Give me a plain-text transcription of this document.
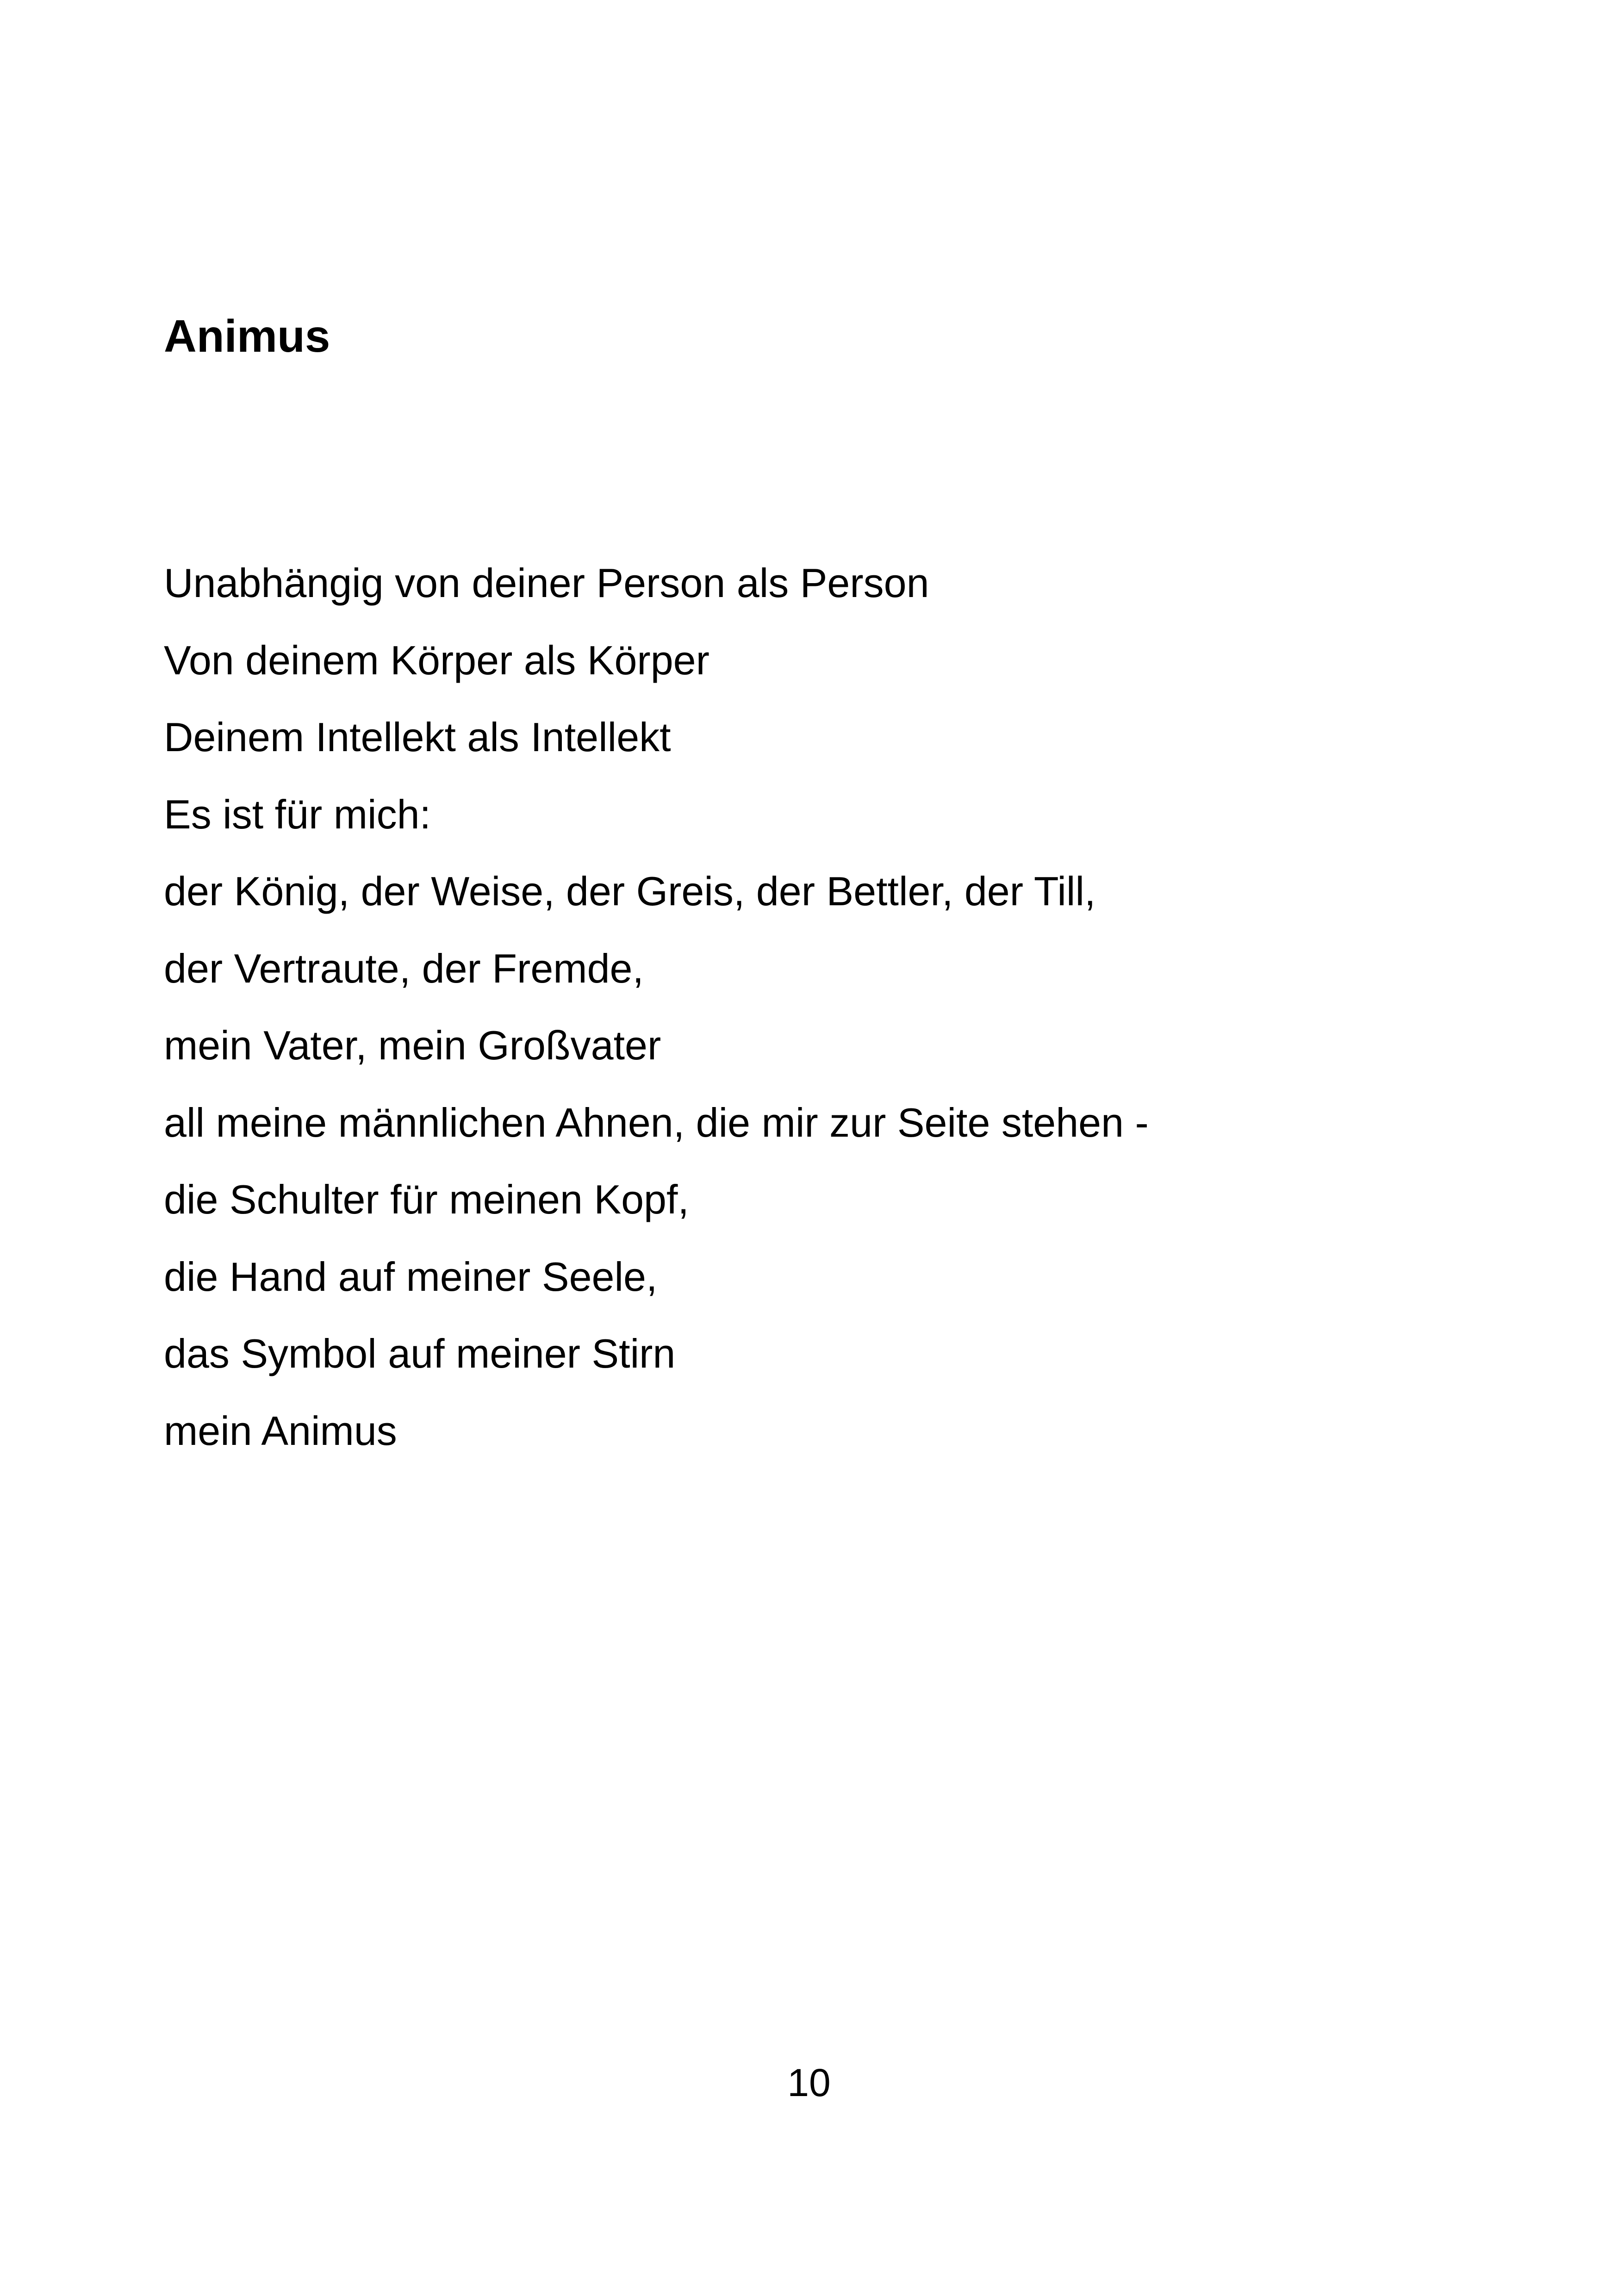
Animus
Unabhängig von deiner Person als Person
Von deinem Körper als Körper
Deinem Intellekt als Intellekt
Es ist für mich:
der König, der Weise, der Greis, der Bettler, der Till,
der Vertraute, der Fremde,
mein Vater, mein Großvater
all meine männlichen Ahnen, die mir zur Seite stehen -
die Schulter für meinen Kopf,
die Hand auf meiner Seele,
das Symbol auf meiner Stirn
mein Animus
10
